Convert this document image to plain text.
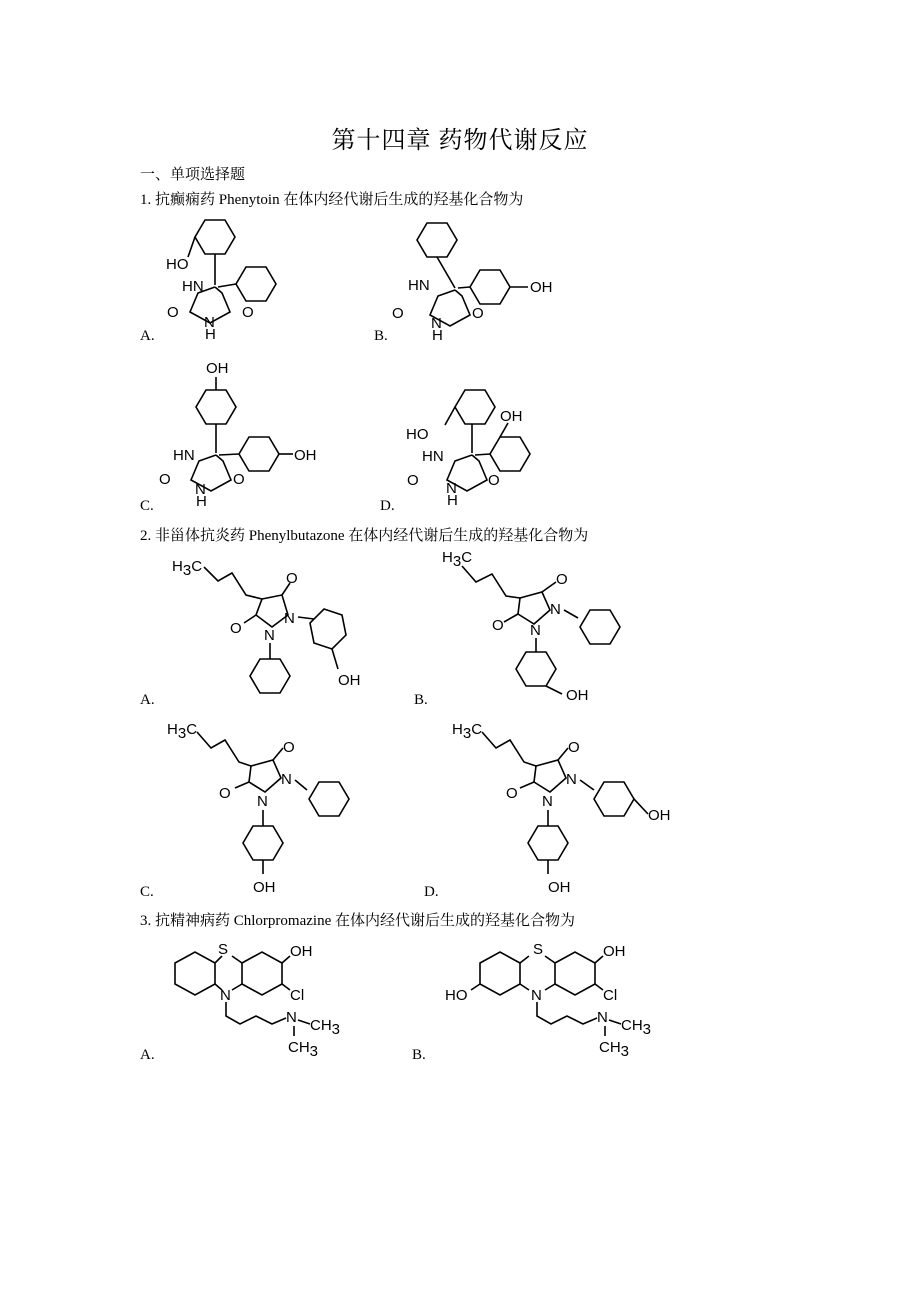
第十四章 药物代谢反应
一、单项选择题
1. 抗癫痫药 Phenytoin 在体内经代谢后生成的羟基化合物为
HO
HN
N
H
O	O
A.
OH
HN
N
H
O	O
B.
OH
OH
HN
N
H
O	O
C.
HO
OH
HN
N
H
O	O
D.
2. 非甾体抗炎药 Phenylbutazone 在体内经代谢后生成的羟基化合物为
H3C
O
O
N
N
OH
A.
H3C
O
O
N
N
OH
B.
H3C
O
O
N
N
OH
C.
H3C
O
O
N
N
OH
OH
D.
3. 抗精神病药 Chlorpromazine 在体内经代谢后生成的羟基化合物为
S
N
OH
Cl
N CH3
CH3
A.
HO
S
N
OH
Cl
N CH3
CH3
B.
